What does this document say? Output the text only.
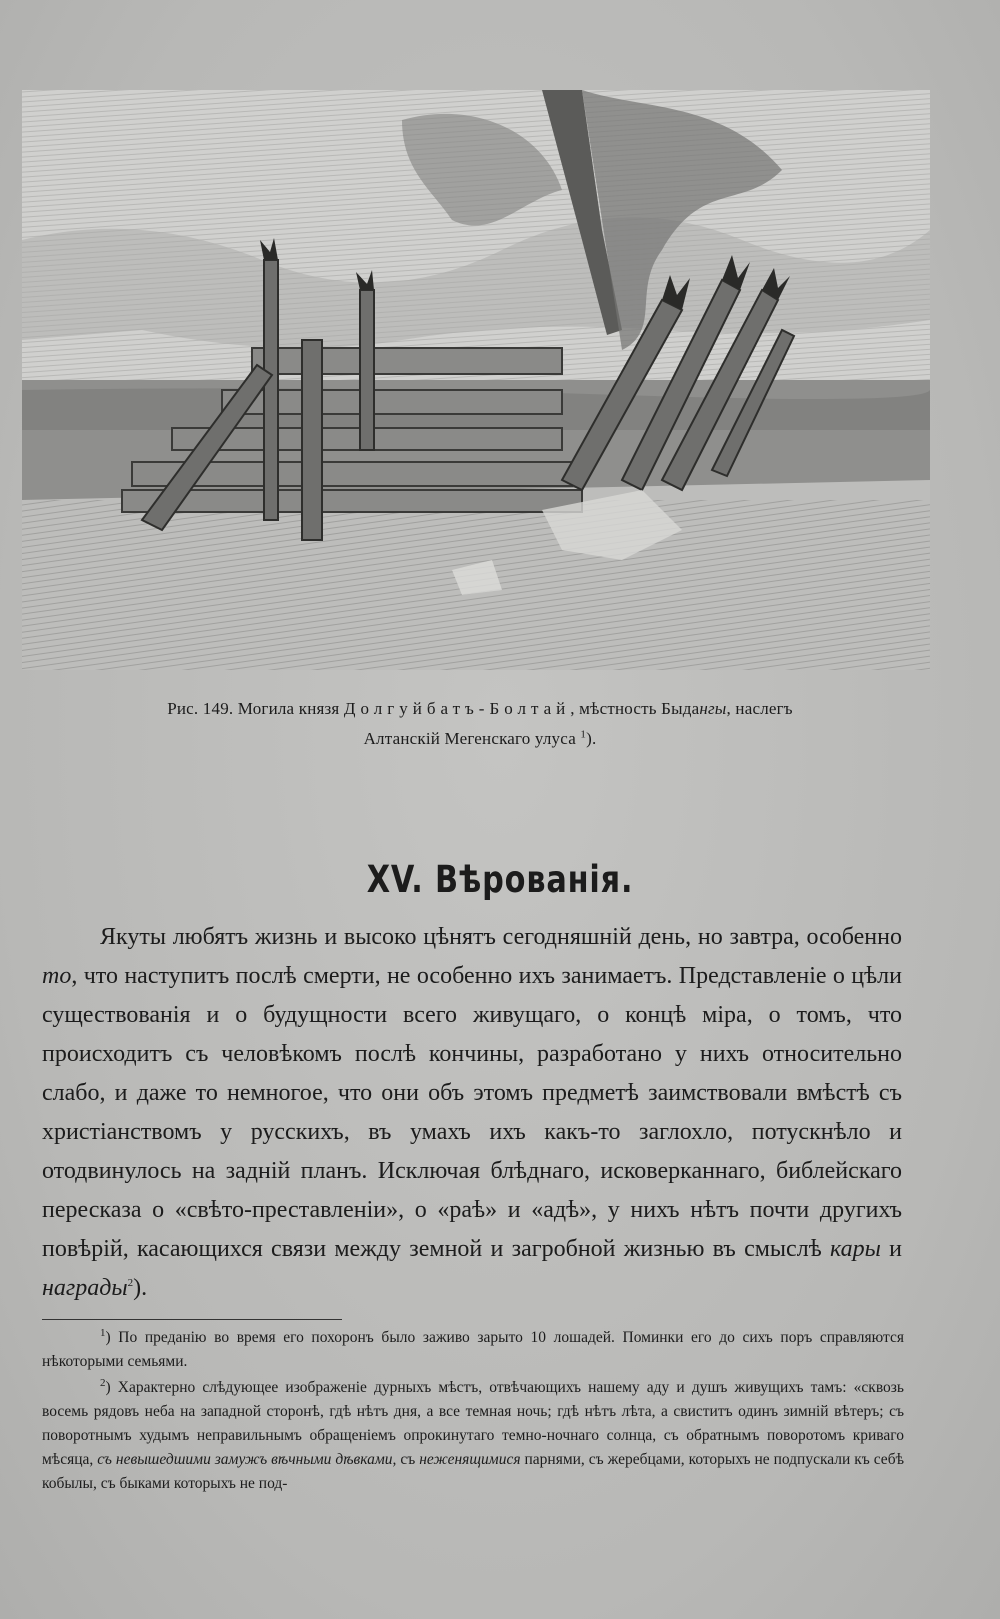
Рис. 149. Могила князя Долгуйбатъ-Болтай, мѣстность Быдангы, наслегъ
Алтанскій Мегенскаго улуса $^1$).
XV. Вѣрованія.

Якуты любятъ жизнь и высоко цѣнятъ сегодняшній день, но завтра, особенно то, что наступитъ послѣ смерти, не особенно ихъ занимаетъ. Представленіе о цѣли существованія и о будущности всего живущаго, о концѣ міра, о томъ, что происходитъ съ человѣкомъ послѣ кончины, разработано у нихъ относительно слабо, и даже то немногое, что они объ этомъ предметѣ заимствовали вмѣстѣ съ христіанствомъ у русскихъ, въ умахъ ихъ какъ-то заглохло, потускнѣло и отодвинулось на задній планъ. Исключая блѣднаго, исковерканнаго, библейскаго пересказа о «свѣто-преставленіи», о «раѣ» и «адѣ», у нихъ нѣтъ почти другихъ повѣрій, касающихся связи между земной и загробной жизнью въ смыслѣ кары и награды$^2$).

$^1$) По преданію во время его похоронъ было заживо зарыто 10 лошадей. Поминки его до сихъ поръ справляются нѣкоторыми семьями.

$^2$) Характерно слѣдующее изображеніе дурныхъ мѣстъ, отвѣчающихъ нашему аду и душъ живущихъ тамъ: «сквозь восемь рядовъ неба на западной сторонѣ, гдѣ нѣтъ дня, а все темная ночь; гдѣ нѣтъ лѣта, а свиститъ одинъ зимній вѣтеръ; съ поворотнымъ худымъ неправильнымъ обращеніемъ опрокинутаго темно-ночнаго солнца, съ обратнымъ поворотомъ криваго мѣсяца, съ невышедшими замужъ вѣчными дѣвками, съ неженящимися парнями, съ жеребцами, которыхъ не подпускали къ себѣ кобылы, съ быками которыхъ не под-
